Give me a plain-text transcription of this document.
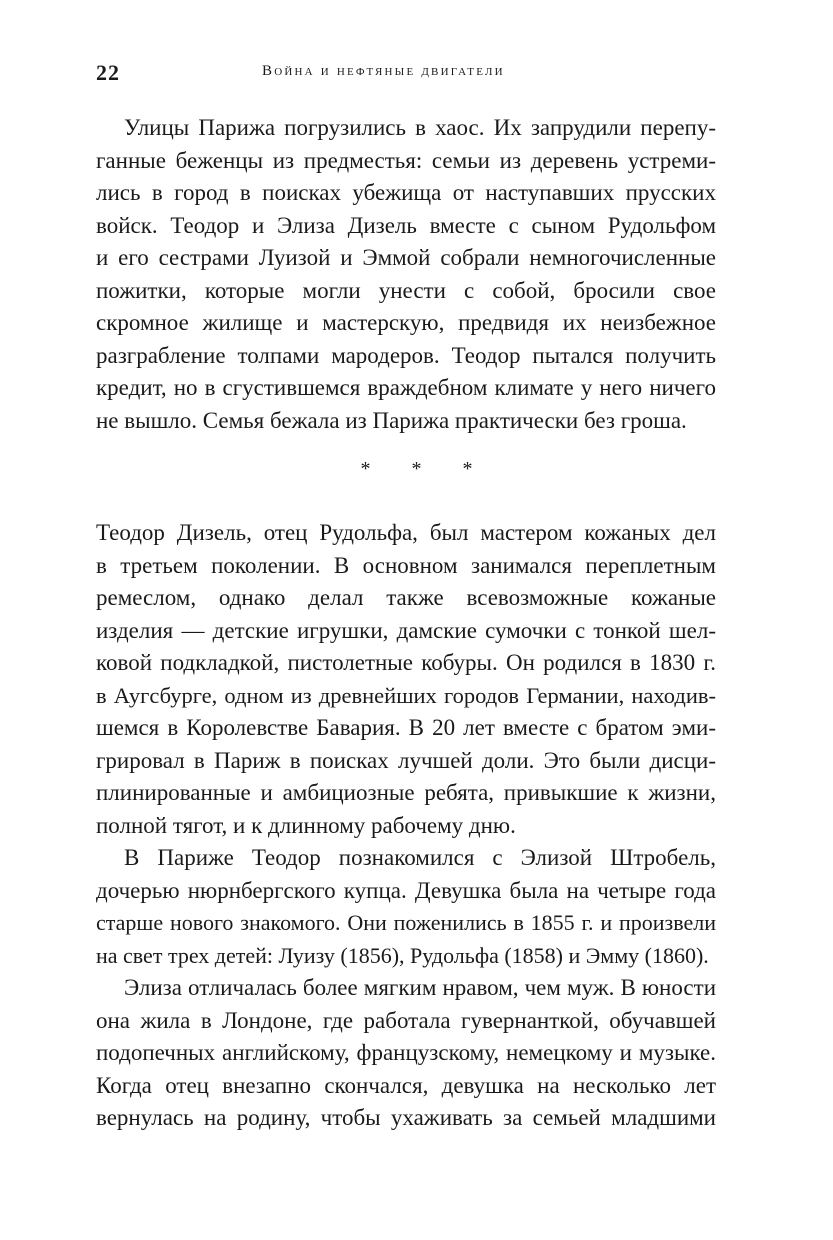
22	Война и нефтяные двигатели
Улицы Парижа погрузились в хаос. Их запрудили перепу-
ганные беженцы из предместья: семьи из деревень устреми-
лись в город в поисках убежища от наступавших прусских
войск. Теодор и Элиза Дизель вместе с сыном Рудольфом
и его сестрами Луизой и Эммой собрали немногочисленные
пожитки, которые могли унести с собой, бросили свое
скромное жилище и мастерскую, предвидя их неизбежное
разграбление толпами мародеров. Теодор пытался получить
кредит, но в сгустившемся враждебном климате у него ничего
не вышло. Семья бежала из Парижа практически без гроша.
* * *
Теодор Дизель, отец Рудольфа, был мастером кожаных дел
в третьем поколении. В основном занимался переплетным
ремеслом, однако делал также всевозможные кожаные
изделия — детские игрушки, дамские сумочки с тонкой шел-
ковой подкладкой, пистолетные кобуры. Он родился в 1830 г.
в Аугсбурге, одном из древнейших городов Германии, находив-
шемся в Королевстве Бавария. В 20 лет вместе с братом эми-
грировал в Париж в поисках лучшей доли. Это были дисци-
плинированные и амбициозные ребята, привыкшие к жизни,
полной тягот, и к длинному рабочему дню.
В Париже Теодор познакомился с Элизой Штробель,
дочерью нюрнбергского купца. Девушка была на четыре года
старше нового знакомого. Они поженились в 1855 г. и произвели
на свет трех детей: Луизу (1856), Рудольфа (1858) и Эмму (1860).
Элиза отличалась более мягким нравом, чем муж. В юности
она жила в Лондоне, где работала гувернанткой, обучавшей
подопечных английскому, французскому, немецкому и музыке.
Когда отец внезапно скончался, девушка на несколько лет
вернулась на родину, чтобы ухаживать за семьей младшими
